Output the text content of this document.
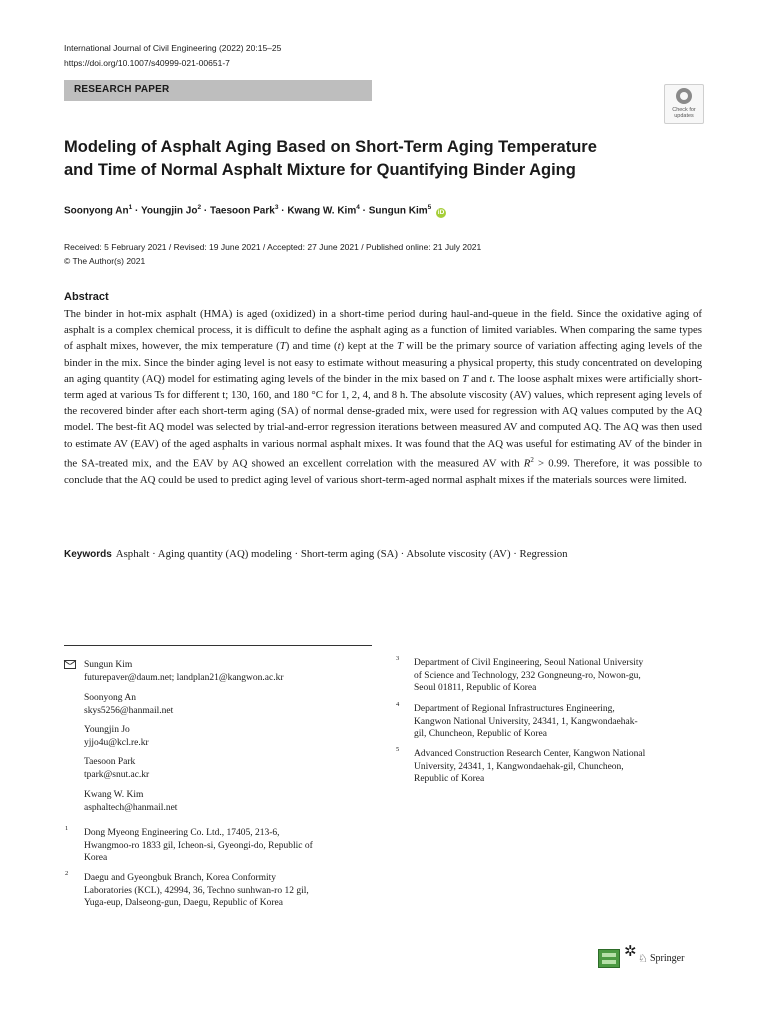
International Journal of Civil Engineering (2022) 20:15–25
https://doi.org/10.1007/s40999-021-00651-7
RESEARCH PAPER
Check for
updates
Modeling of Asphalt Aging Based on Short-Term Aging Temperature
and Time of Normal Asphalt Mixture for Quantifying Binder Aging
Soonyong $An^1$ · Youngjin $Jo^2$ · Taesoon Park$^3$ · Kwang W. Kim$^4$ · Sungun Kim$^5$ iD
Received: 5 February 2021 / Revised: 19 June 2021 / Accepted: 27 June 2021 / Published online: 21 July 2021
© The Author(s) 2021
Abstract
The binder in hot-mix asphalt (HMA) is aged (oxidized) in a short-time period during haul-and-queue in the field. Since the oxidative aging of asphalt is a complex chemical process, it is difficult to define the asphalt aging as a function of limited variables. When comparing the same types of asphalt mixes, however, the mix temperature (T) and time (t) kept at the T will be the primary source of variation affecting aging levels of the binder in the mix. Since the binder aging level is not easy to estimate without measuring a physical property, this study concentrated on developing an aging quantity (AQ) model for estimating aging levels of the binder in the mix based on T and t. The loose asphalt mixes were artificially short-term aged at various Ts for different t; 130, 160, and 180 °C for 1, 2, 4, and 8 h. The absolute viscosity (AV) values, which represent aging levels of the recovered binder after each short-term aging (SA) of normal dense-graded mix, were used for regression with AQ values computed by the AQ model. The best-fit AQ model was selected by trial-and-error regression iterations between measured AV and computed AQ. The AQ was then used to estimate AV (EAV) of the aged asphalts in various normal asphalt mixes. It was found that the AQ was useful for estimating AV of the binder in the SA-treated mix, and the EAV by AQ showed an excellent correlation with the measured AV with $R^2 > 0.99$. Therefore, it was possible to conclude that the AQ could be used to predict aging level of various short-term-aged normal asphalt mixes if the materials sources were limited.
Keywords Asphalt · Aging quantity (AQ) modeling · Short-term aging (SA) · Absolute viscosity (AV) · Regression
Sungun Kim
futurepaver@daum.net; landplan21@kangwon.ac.kr
Soonyong An
skys5256@hanmail.net
Youngjin Jo
yjjo4u@kcl.re.kr
Taesoon Park
tpark@snut.ac.kr
Kwang W. Kim
asphaltech@hanmail.net
1 Dong Myeong Engineering Co. Ltd., 17405, 213-6,
Hwangmoo-ro 1833 gil, Icheon-si, Gyeongi-do, Republic of
Korea
2 Daegu and Gyeongbuk Branch, Korea Conformity
Laboratories (KCL), 42994, 36, Techno sunhwan-ro 12 gil,
Yuga-eup, Dalseong-gun, Daegu, Republic of Korea
3 Department of Civil Engineering, Seoul National University
of Science and Technology, 232 Gongneung-ro, Nowon-gu,
Seoul 01811, Republic of Korea
4 Department of Regional Infrastructures Engineering,
Kangwon National University, 24341, 1, Kangwondaehak-
gil, Chuncheon, Republic of Korea
5 Advanced Construction Research Center, Kangwon National
University, 24341, 1, Kangwondaehak-gil, Chuncheon,
Republic of Korea
✲ ♘ Springer
